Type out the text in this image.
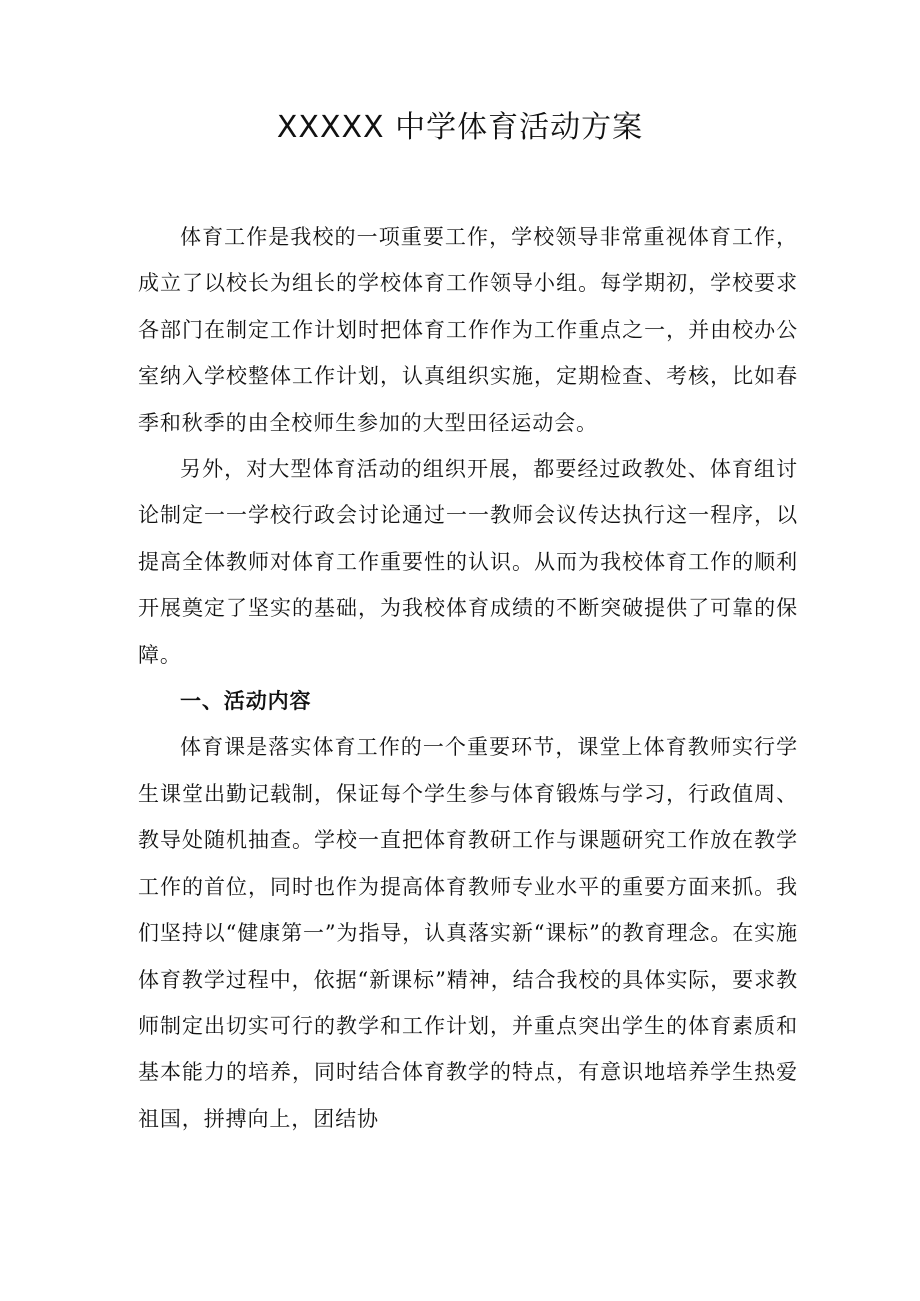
XXXXX 中学体育活动方案

体育工作是我校的一项重要工作，学校领导非常重视体育工作，成立了以校长为组长的学校体育工作领导小组。每学期初，学校要求各部门在制定工作计划时把体育工作作为工作重点之一，并由校办公室纳入学校整体工作计划，认真组织实施，定期检查、考核，比如春季和秋季的由全校师生参加的大型田径运动会。

另外，对大型体育活动的组织开展，都要经过政教处、体育组讨论制定一一学校行政会讨论通过一一教师会议传达执行这一程序，以提高全体教师对体育工作重要性的认识。从而为我校体育工作的顺利开展奠定了坚实的基础，为我校体育成绩的不断突破提供了可靠的保障。

一、活动内容

体育课是落实体育工作的一个重要环节，课堂上体育教师实行学生课堂出勤记载制，保证每个学生参与体育锻炼与学习，行政值周、教导处随机抽查。学校一直把体育教研工作与课题研究工作放在教学工作的首位，同时也作为提高体育教师专业水平的重要方面来抓。我们坚持以“健康第一”为指导，认真落实新“课标”的教育理念。在实施体育教学过程中，依据“新课标”精神，结合我校的具体实际，要求教师制定出切实可行的教学和工作计划，并重点突出学生的体育素质和基本能力的培养，同时结合体育教学的特点，有意识地培养学生热爱祖国，拼搏向上，团结协
